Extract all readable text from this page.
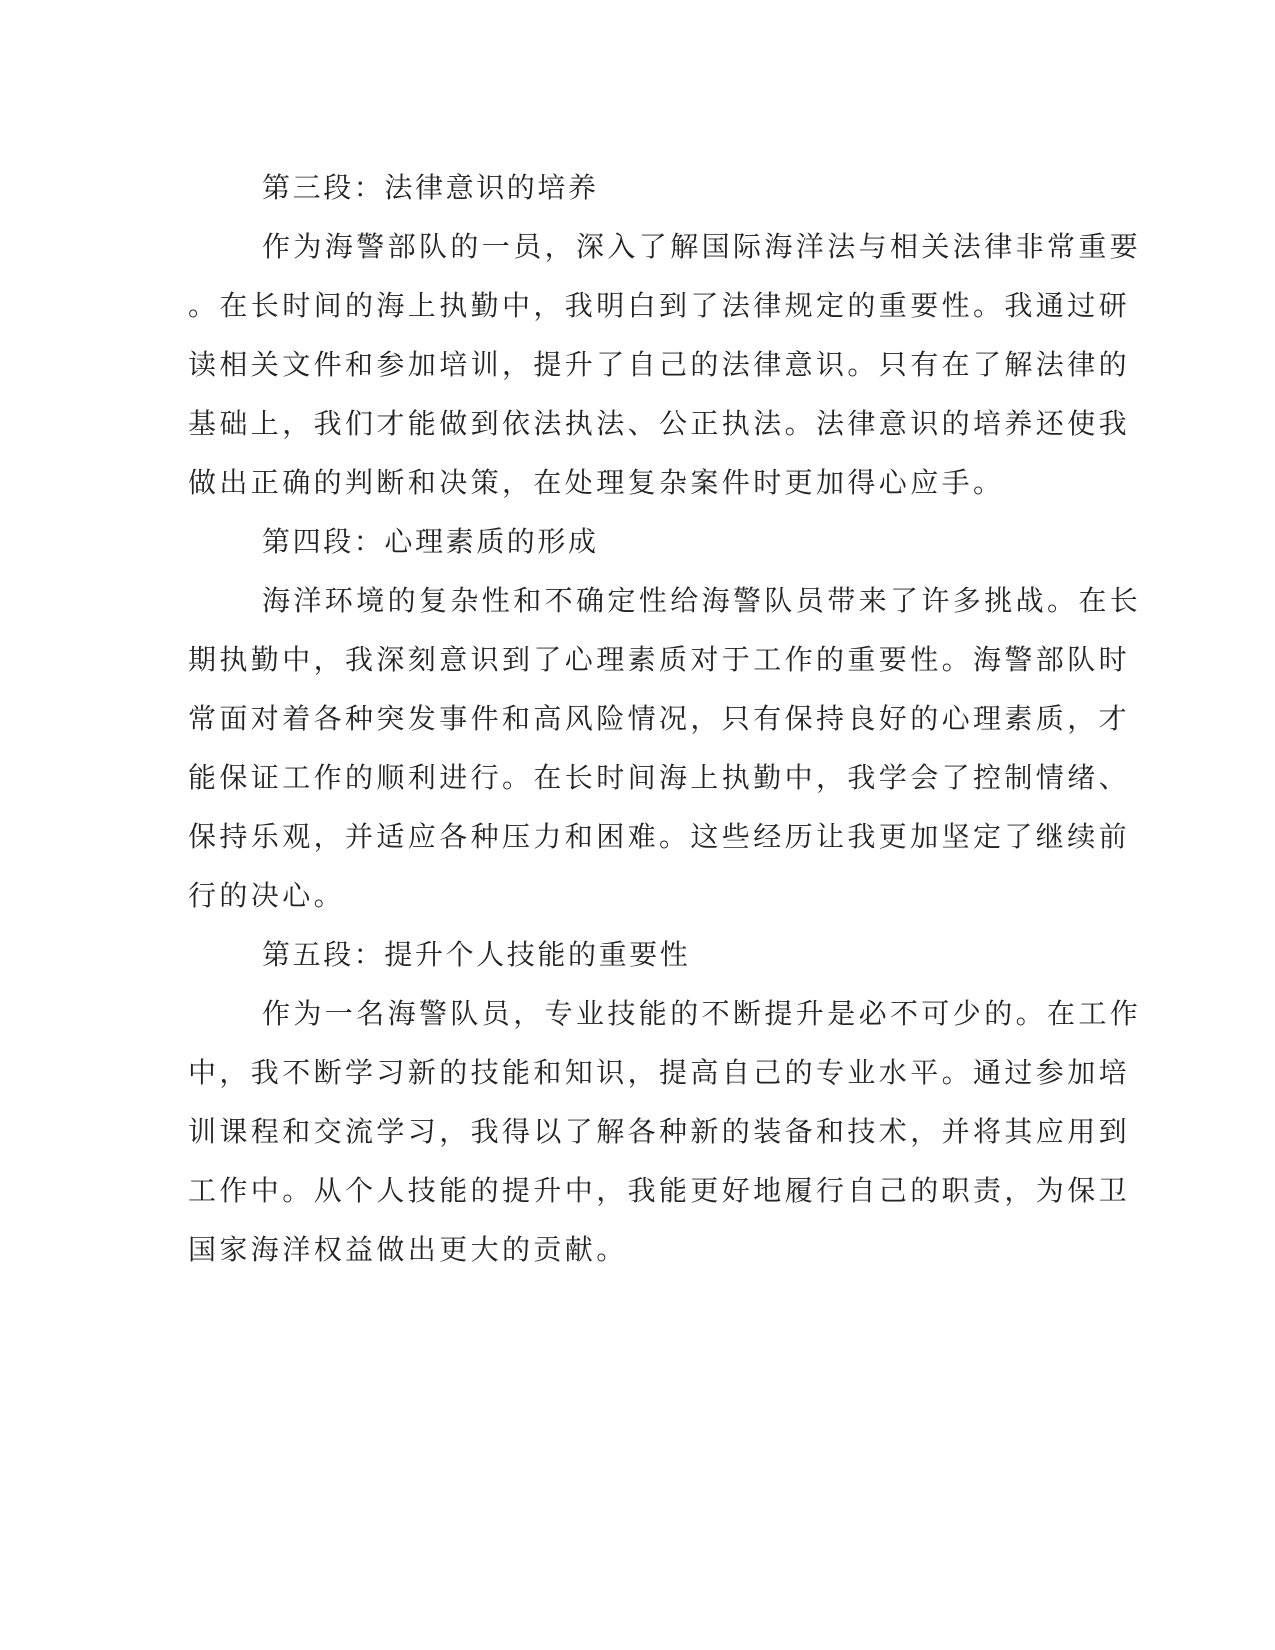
第三段：法律意识的培养
作为海警部队的一员，深入了解国际海洋法与相关法律非常重要
。在长时间的海上执勤中，我明白到了法律规定的重要性。我通过研
读相关文件和参加培训，提升了自己的法律意识。只有在了解法律的
基础上，我们才能做到依法执法、公正执法。法律意识的培养还使我
做出正确的判断和决策，在处理复杂案件时更加得心应手。
第四段：心理素质的形成
海洋环境的复杂性和不确定性给海警队员带来了许多挑战。在长
期执勤中，我深刻意识到了心理素质对于工作的重要性。海警部队时
常面对着各种突发事件和高风险情况，只有保持良好的心理素质，才
能保证工作的顺利进行。在长时间海上执勤中，我学会了控制情绪、
保持乐观，并适应各种压力和困难。这些经历让我更加坚定了继续前
行的决心。
第五段：提升个人技能的重要性
作为一名海警队员，专业技能的不断提升是必不可少的。在工作
中，我不断学习新的技能和知识，提高自己的专业水平。通过参加培
训课程和交流学习，我得以了解各种新的装备和技术，并将其应用到
工作中。从个人技能的提升中，我能更好地履行自己的职责，为保卫
国家海洋权益做出更大的贡献。
